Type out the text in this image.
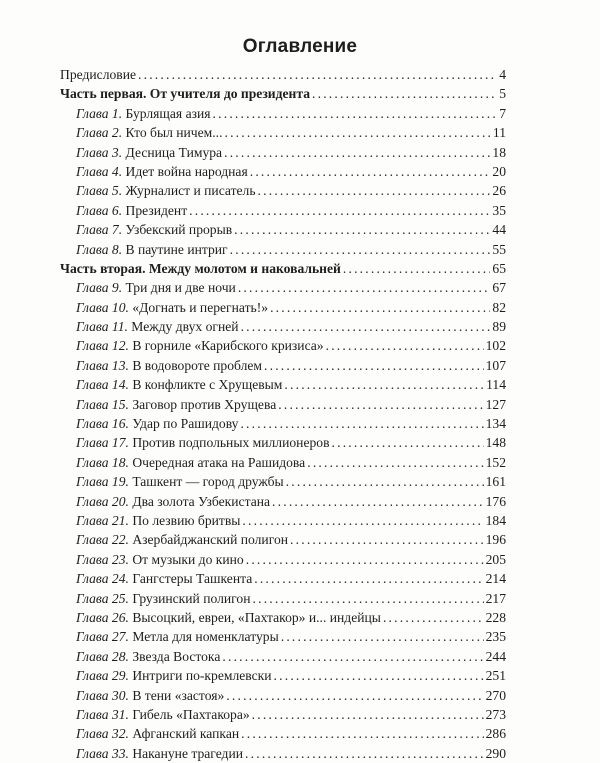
Оглавление
Предисловие . . .	4
Часть первая. От учителя до президента . . .	5
Глава 1. Бурлящая азия . . .	7
Глава 2. Кто был ничем... . . .	11
Глава 3. Десница Тимура . . .	18
Глава 4. Идет война народная . . .	20
Глава 5. Журналист и писатель . . .	26
Глава 6. Президент . . .	35
Глава 7. Узбекский прорыв . . .	44
Глава 8. В паутине интриг . . .	55
Часть вторая. Между молотом и наковальней . . .	65
Глава 9. Три дня и две ночи . . .	67
Глава 10. «Догнать и перегнать!» . . .	82
Глава 11. Между двух огней . . .	89
Глава 12. В горниле «Карибского кризиса» . . .	102
Глава 13. В водовороте проблем . . .	107
Глава 14. В конфликте с Хрущевым . . .	114
Глава 15. Заговор против Хрущева . . .	127
Глава 16. Удар по Рашидову . . .	134
Глава 17. Против подпольных миллионеров . . .	148
Глава 18. Очередная атака на Рашидова . . .	152
Глава 19. Ташкент — город дружбы . . .	161
Глава 20. Два золота Узбекистана . . .	176
Глава 21. По лезвию бритвы . . .	184
Глава 22. Азербайджанский полигон . . .	196
Глава 23. От музыки до кино . . .	205
Глава 24. Гангстеры Ташкента . . .	214
Глава 25. Грузинский полигон . . .	217
Глава 26. Высоцкий, евреи, «Пахтакор» и... индейцы . . .	228
Глава 27. Метла для номенклатуры . . .	235
Глава 28. Звезда Востока . . .	244
Глава 29. Интриги по-кремлевски . . .	251
Глава 30. В тени «застоя» . . .	270
Глава 31. Гибель «Пахтакора» . . .	273
Глава 32. Афганский капкан . . .	286
Глава 33. Накануне трагедии . . .	290
